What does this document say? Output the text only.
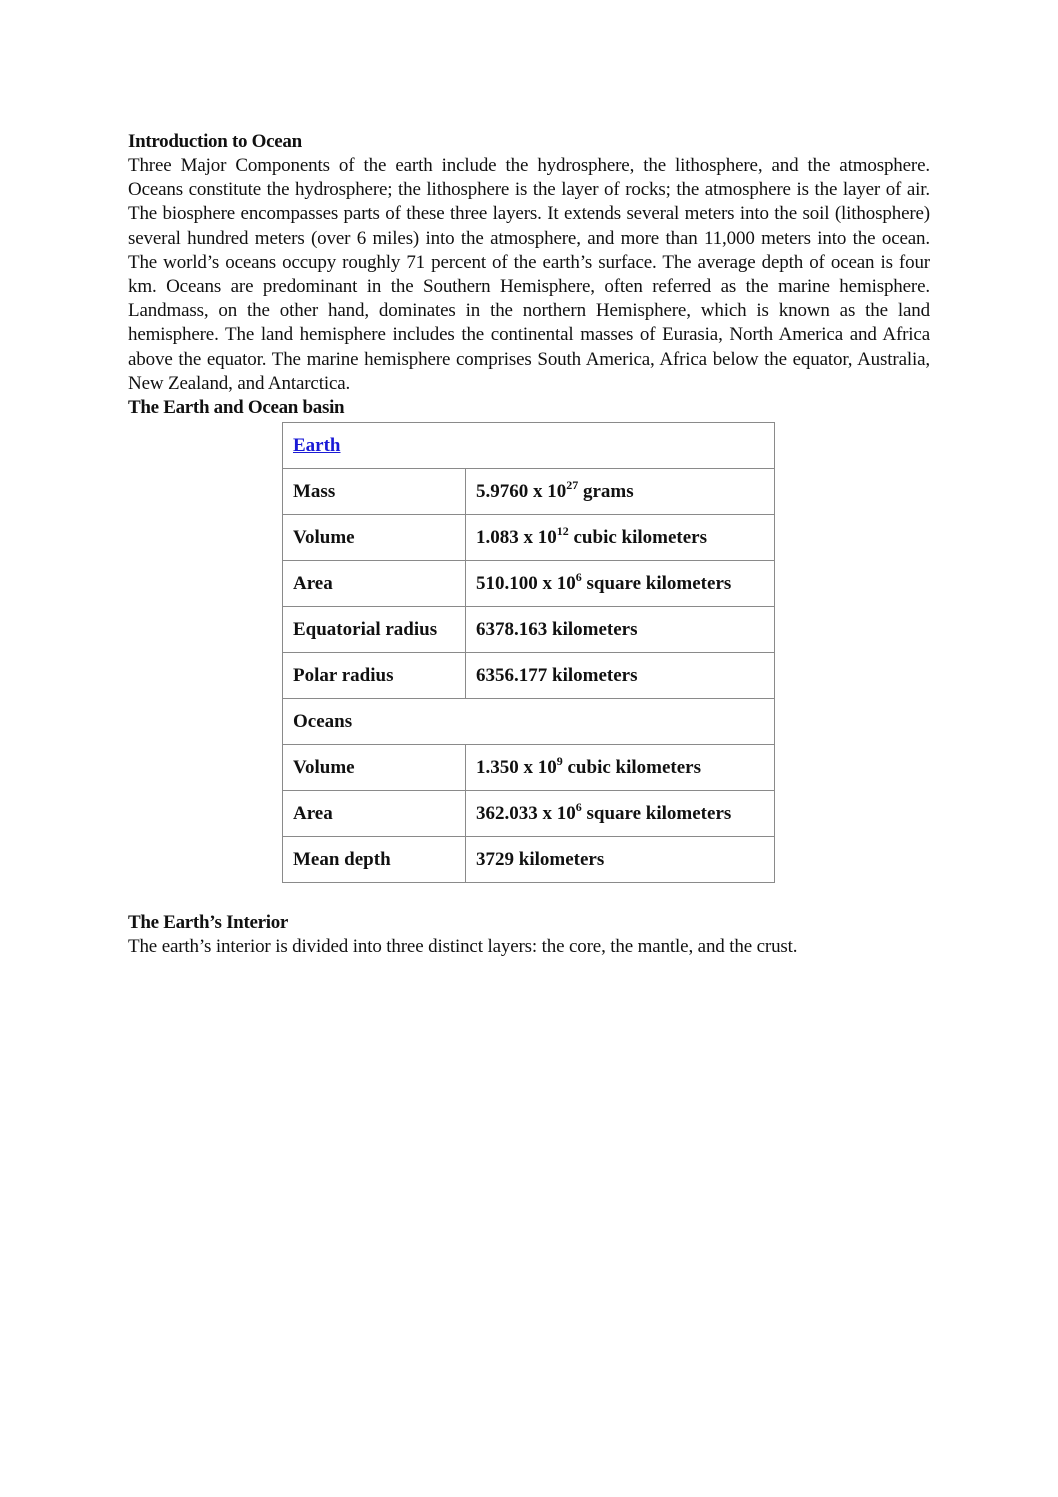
Introduction to Ocean

Three Major Components of the earth include the hydrosphere, the lithosphere, and the atmosphere. Oceans constitute the hydrosphere; the lithosphere is the layer of rocks; the atmosphere is the layer of air. The biosphere encompasses parts of these three layers. It extends several meters into the soil (lithosphere) several hundred meters (over 6 miles) into the atmosphere, and more than 11,000 meters into the ocean. The world’s oceans occupy roughly 71 percent of the earth’s surface. The average depth of ocean is four km. Oceans are predominant in the Southern Hemisphere, often referred as the marine hemisphere. Landmass, on the other hand, dominates in the northern Hemisphere, which is known as the land hemisphere. The land hemisphere includes the continental masses of Eurasia, North America and Africa above the equator. The marine hemisphere comprises South America, Africa below the equator, Australia, New Zealand, and Antarctica.

The Earth and Ocean basin
Earth	
Mass	5.9760 x $10^{27}$ grams
Volume	1.083 x $10^{12}$ cubic kilometers
Area	510.100 x $10^6$ square kilometers
Equatorial radius	6378.163 kilometers
Polar radius	6356.177 kilometers
Oceans	
Volume	1.350 x $10^9$ cubic kilometers
Area	362.033 x $10^6$ square kilometers
Mean depth	3729 kilometers
The Earth’s Interior

The earth’s interior is divided into three distinct layers: the core, the mantle, and the crust.
